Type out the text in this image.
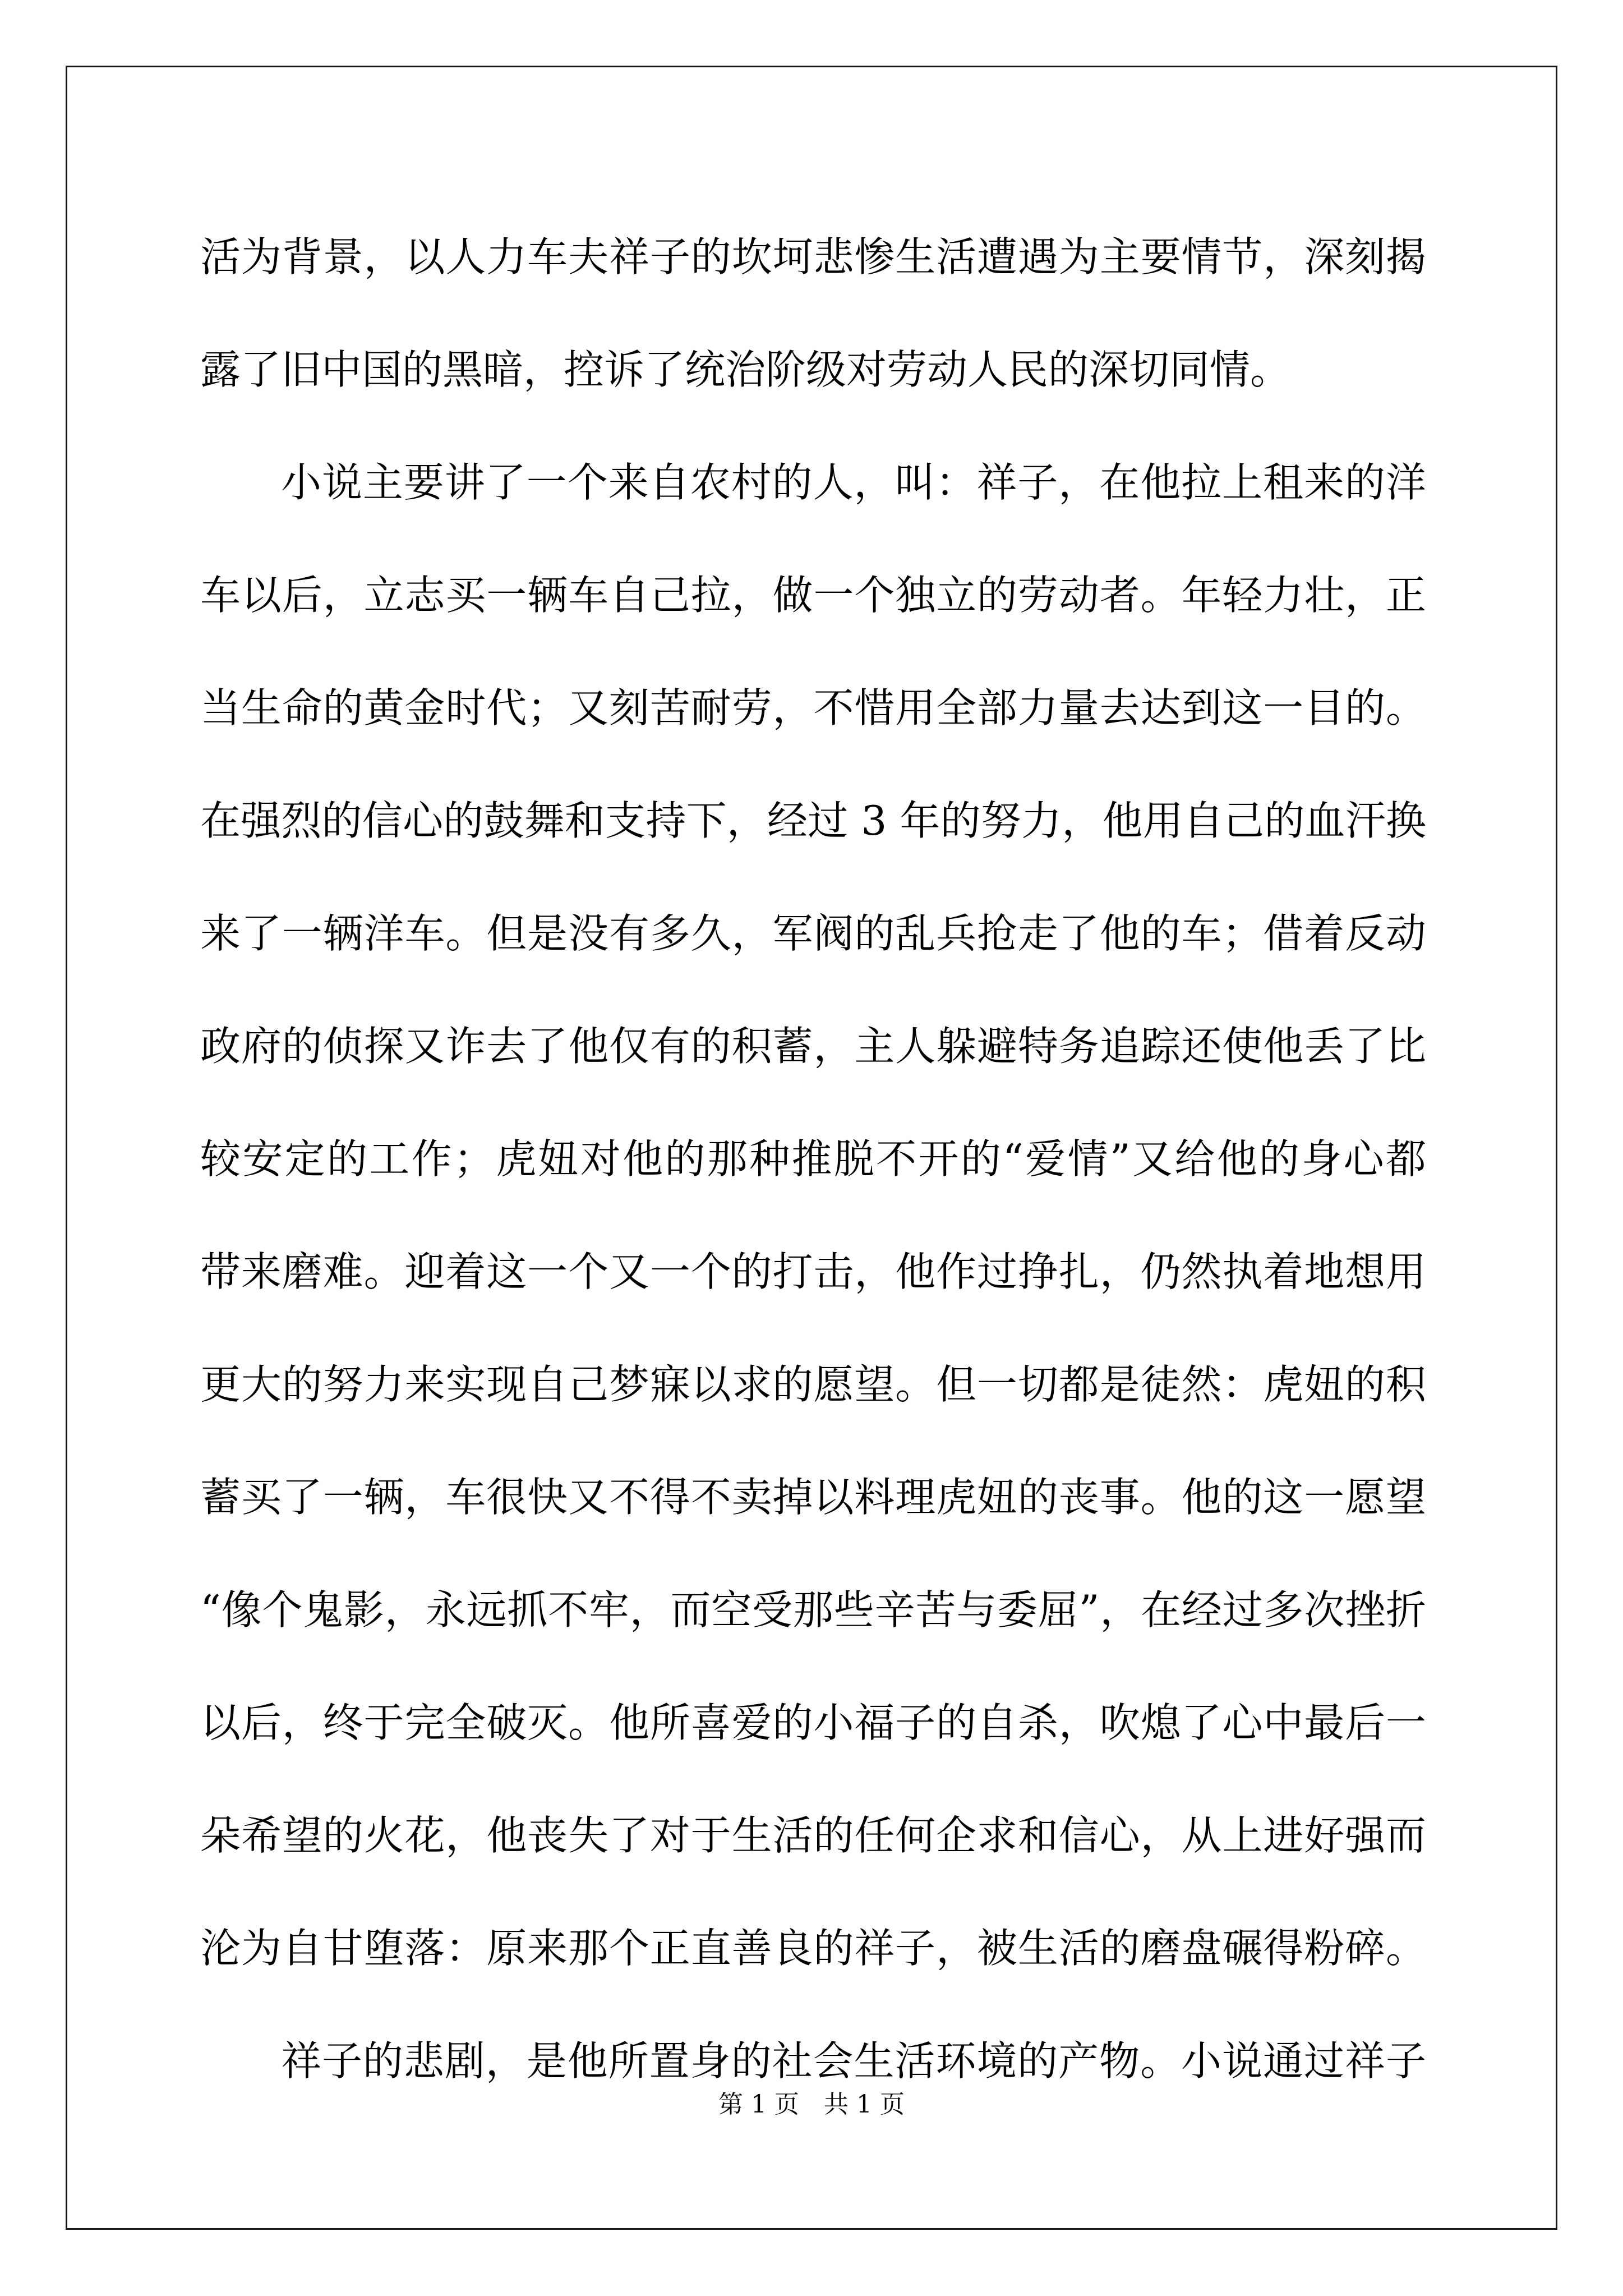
活为背景，以人力车夫祥子的坎坷悲惨生活遭遇为主要情节，深刻揭
露了旧中国的黑暗，控诉了统治阶级对劳动人民的深切同情。
小说主要讲了一个来自农村的人，叫：祥子，在他拉上租来的洋
车以后，立志买一辆车自己拉，做一个独立的劳动者。年轻力壮，正
当生命的黄金时代；又刻苦耐劳，不惜用全部力量去达到这一目的。
在强烈的信心的鼓舞和支持下，经过 3 年的努力，他用自己的血汗换
来了一辆洋车。但是没有多久，军阀的乱兵抢走了他的车；借着反动
政府的侦探又诈去了他仅有的积蓄，主人躲避特务追踪还使他丢了比
较安定的工作；虎妞对他的那种推脱不开的“爱情”又给他的身心都
带来磨难。迎着这一个又一个的打击，他作过挣扎，仍然执着地想用
更大的努力来实现自己梦寐以求的愿望。但一切都是徒然：虎妞的积
蓄买了一辆，车很快又不得不卖掉以料理虎妞的丧事。他的这一愿望
“像个鬼影，永远抓不牢，而空受那些辛苦与委屈”，在经过多次挫折
以后，终于完全破灭。他所喜爱的小福子的自杀，吹熄了心中最后一
朵希望的火花，他丧失了对于生活的任何企求和信心，从上进好强而
沦为自甘堕落：原来那个正直善良的祥子，被生活的磨盘碾得粉碎。
祥子的悲剧，是他所置身的社会生活环境的产物。小说通过祥子
第 1 页　共 1 页
